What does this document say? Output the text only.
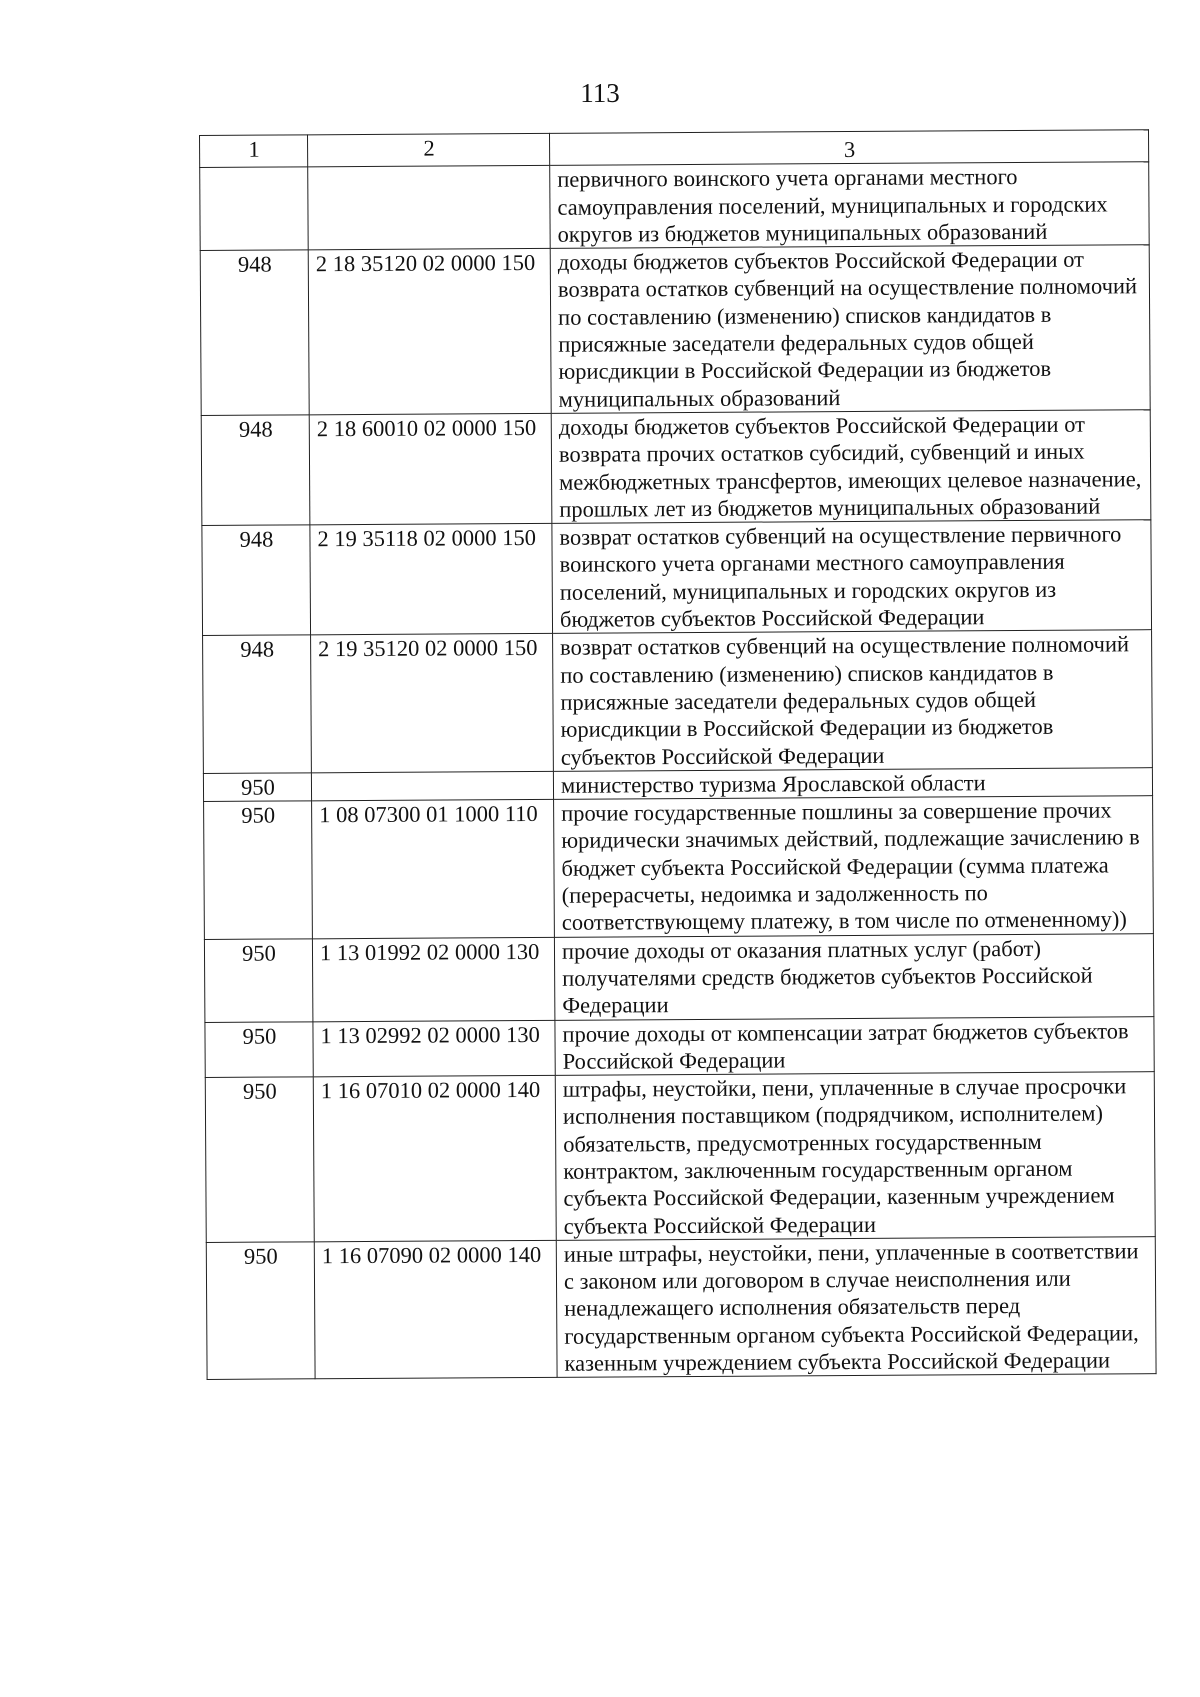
113
1	2	3
		первичного воинского учета органами местного самоуправления поселений, муниципальных и городских округов из бюджетов муниципальных образований
948	2 18 35120 02 0000 150	доходы бюджетов субъектов Российской Федерации от возврата остатков субвенций на осуществление полномочий по составлению (изменению) списков кандидатов в присяжные заседатели федеральных судов общей юрисдикции в Российской Федерации из бюджетов муниципальных образований
948	2 18 60010 02 0000 150	доходы бюджетов субъектов Российской Федерации от возврата прочих остатков субсидий, субвенций и иных межбюджетных трансфертов, имеющих целевое назначение, прошлых лет из бюджетов муниципальных образований
948	2 19 35118 02 0000 150	возврат остатков субвенций на осуществление первичного воинского учета органами местного самоуправления поселений, муниципальных и городских округов из бюджетов субъектов Российской Федерации
948	2 19 35120 02 0000 150	возврат остатков субвенций на осуществление полномочий по составлению (изменению) списков кандидатов в присяжные заседатели федеральных судов общей юрисдикции в Российской Федерации из бюджетов субъектов Российской Федерации
950		министерство туризма Ярославской области
950	1 08 07300 01 1000 110	прочие государственные пошлины за совершение прочих юридически значимых действий, подлежащие зачислению в бюджет субъекта Российской Федерации (сумма платежа (перерасчеты, недоимка и задолженность по соответствующему платежу, в том числе по отмененному))
950	1 13 01992 02 0000 130	прочие доходы от оказания платных услуг (работ) получателями средств бюджетов субъектов Российской Федерации
950	1 13 02992 02 0000 130	прочие доходы от компенсации затрат бюджетов субъектов Российской Федерации
950	1 16 07010 02 0000 140	штрафы, неустойки, пени, уплаченные в случае просрочки исполнения поставщиком (подрядчиком, исполнителем) обязательств, предусмотренных государственным контрактом, заключенным государственным органом субъекта Российской Федерации, казенным учреждением субъекта Российской Федерации
950	1 16 07090 02 0000 140	иные штрафы, неустойки, пени, уплаченные в соответствии с законом или договором в случае неисполнения или ненадлежащего исполнения обязательств перед государственным органом субъекта Российской Федерации, казенным учреждением субъекта Российской Федерации
